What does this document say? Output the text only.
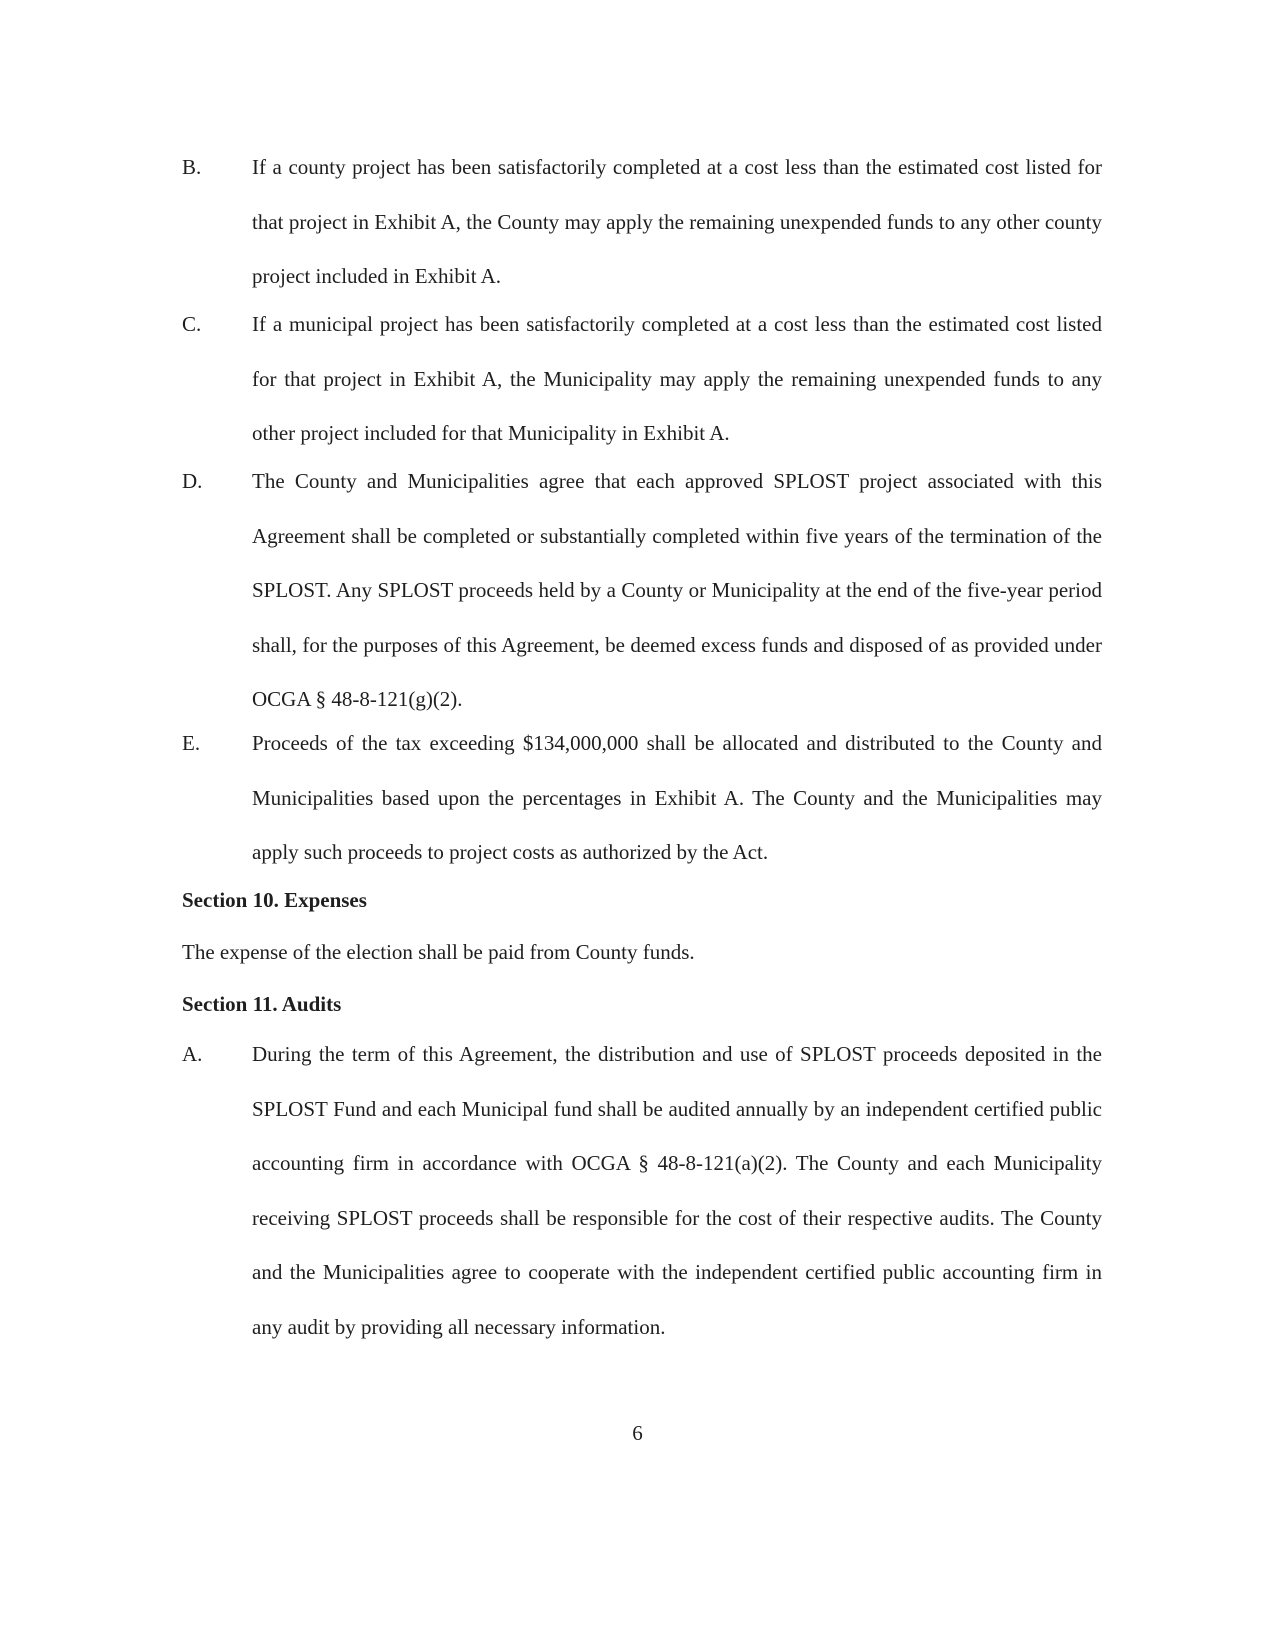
B. If a county project has been satisfactorily completed at a cost less than the estimated cost listed for that project in Exhibit A, the County may apply the remaining unexpended funds to any other county project included in Exhibit A.
C. If a municipal project has been satisfactorily completed at a cost less than the estimated cost listed for that project in Exhibit A, the Municipality may apply the remaining unexpended funds to any other project included for that Municipality in Exhibit A.
D. The County and Municipalities agree that each approved SPLOST project associated with this Agreement shall be completed or substantially completed within five years of the termination of the SPLOST. Any SPLOST proceeds held by a County or Municipality at the end of the five-year period shall, for the purposes of this Agreement, be deemed excess funds and disposed of as provided under OCGA § 48-8-121(g)(2).
E. Proceeds of the tax exceeding $134,000,000 shall be allocated and distributed to the County and Municipalities based upon the percentages in Exhibit A. The County and the Municipalities may apply such proceeds to project costs as authorized by the Act.
Section 10. Expenses
The expense of the election shall be paid from County funds.
Section 11. Audits
A. During the term of this Agreement, the distribution and use of SPLOST proceeds deposited in the SPLOST Fund and each Municipal fund shall be audited annually by an independent certified public accounting firm in accordance with OCGA § 48-8-121(a)(2). The County and each Municipality receiving SPLOST proceeds shall be responsible for the cost of their respective audits. The County and the Municipalities agree to cooperate with the independent certified public accounting firm in any audit by providing all necessary information.
6
